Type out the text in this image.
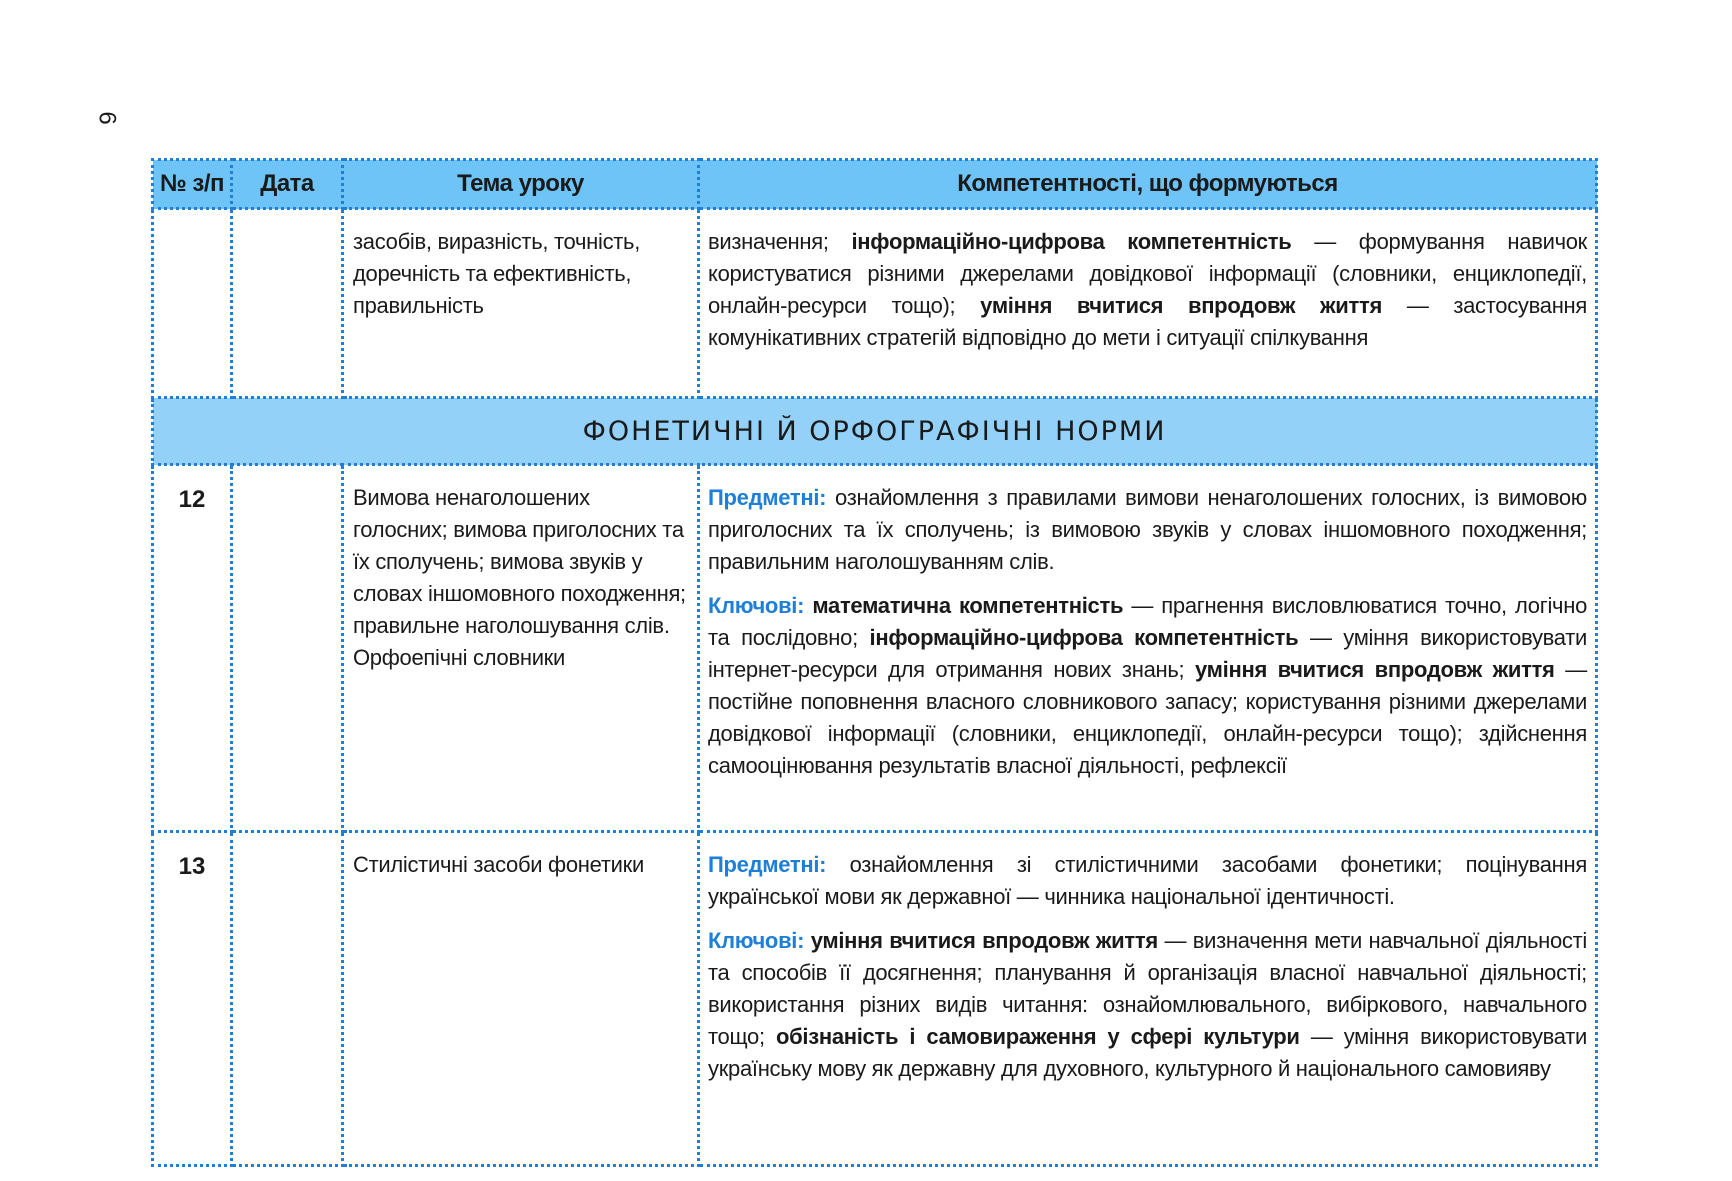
6
№ з/п	Дата	Тема уроку	Компетентності, що формуються
		засобів, виразність, точність, доречність та ефективність, правильність	визначення; інформаційно-цифрова компетентність — формування навичок користуватися різними джерелами довідкової інформації (словники, енциклопедії, онлайн-ресурси тощо); уміння вчитися впродовж життя — застосування комунікативних стратегій відповідно до мети і ситуації спілкування
ФОНЕТИЧНІ Й ОРФОГРАФІЧНІ НОРМИ			
12		Вимова ненаголошених голосних; вимова приголосних та їх сполучень; вимова звуків у словах іншомовного походження; правильне наголошування слів. Орфоепічні словники	Предметні: ознайомлення з правилами вимови ненаголошених голосних, із вимовою приголосних та їх сполучень; із вимовою звуків у словах іншомовного походження; правильним наголошуванням слів.

Ключові: математична компетентність — прагнення висловлюватися точно, логічно та послідовно; інформаційно-цифрова компетентність — уміння використовувати інтернет-ресурси для отримання нових знань; уміння вчитися впродовж життя — постійне поповнення власного словникового запасу; користування різними джерелами довідкової інформації (словники, енциклопедії, онлайн-ресурси тощо); здійснення самооцінювання результатів власної діяльності, рефлексії

13		Стилістичні засоби фонетики	Предметні: ознайомлення зі стилістичними засобами фонетики; поцінування української мови як державної — чинника національної ідентичності.

Ключові: уміння вчитися впродовж життя — визначення мети навчальної діяльності та способів її досягнення; планування й організація власної навчальної діяльності; використання різних видів читання: ознайомлювального, вибіркового, навчального тощо; обізнаність і самовираження у сфері культури — уміння використовувати українську мову як державну для духовного, культурного й національного самовияву
